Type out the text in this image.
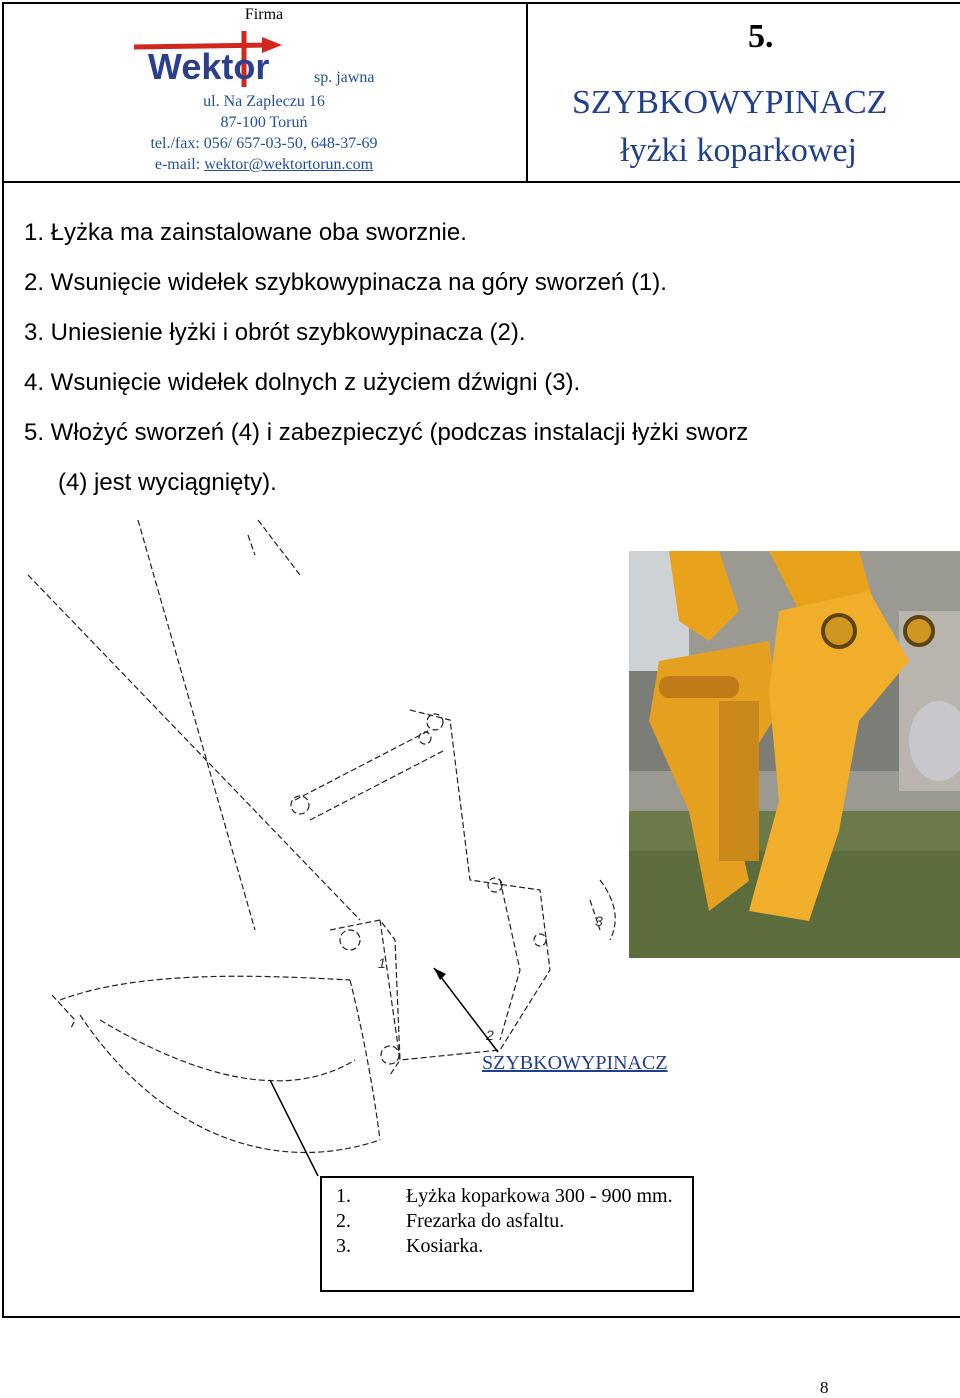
Firma
Wektor	sp. jawna
ul. Na Zapleczu 16
87-100 Toruń
tel./fax: 056/ 657-03-50, 648-37-69
e-mail: wektor@wektortorun.com
5.
SZYBKOWYPINACZ
łyżki koparkowej
1. Łyżka ma zainstalowane oba sworznie.
2. Wsunięcie widełek szybkowypinacza na góry sworzeń (1).
3. Uniesienie łyżki i obrót szybkowypinacza (2).
4. Wsunięcie widełek dolnych z użyciem dźwigni (3).
5. Włożyć sworzeń (4) i zabezpieczyć (podczas instalacji łyżki sworz
(4) jest wyciągnięty).
1
3
2
SZYBKOWYPINACZ
1.	Łyżka koparkowa 300 - 900 mm.
2.	Frezarka do asfaltu.
3.	Kosiarka.
8
